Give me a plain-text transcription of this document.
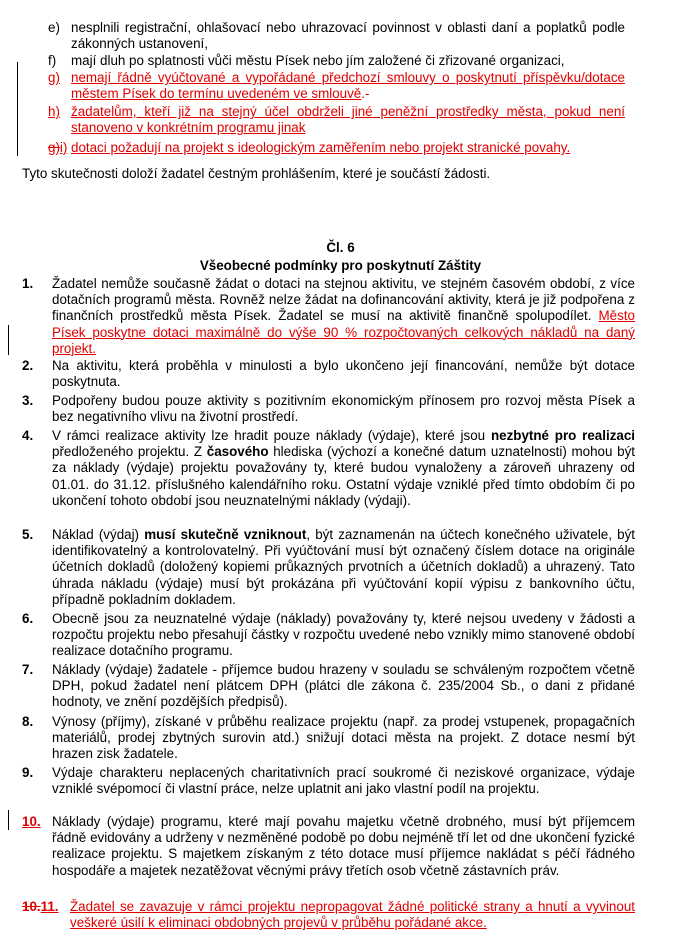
e) nesplnili registrační, ohlašovací nebo uhrazovací povinnost v oblasti daní a poplatků podle zákonných ustanovení,
f)	mají dluh po splatnosti vůči městu Písek nebo jím založené či zřizované organizaci,
g) nemají řádně vyúčtované a vypořádané předchozí smlouvy o poskytnutí příspěvku/dotace městem Písek do termínu uvedeném ve smlouvě.-
h) žadatelům, kteří již na stejný účel obdrželi jiné peněžní prostředky města, pokud není stanoveno v konkrétním programu jinak
g)i) dotaci požadují na projekt s ideologickým zaměřením nebo projekt stranické povahy.
Tyto skutečnosti doloží žadatel čestným prohlášením, které je součástí žádosti.
Čl. 6
Všeobecné podmínky pro poskytnutí Záštity
1.	Žadatel nemůže současně žádat o dotaci na stejnou aktivitu, ve stejném časovém období, z více dotačních programů města. Rovněž nelze žádat na dofinancování aktivity, která je již podpořena z finančních prostředků města Písek. Žadatel se musí na aktivitě finančně spolupodílet. Město Písek poskytne dotaci maximálně do výše 90 % rozpočtovaných celkových nákladů na daný projekt.
2.	Na aktivitu, která proběhla v minulosti a bylo ukončeno její financování, nemůže být dotace poskytnuta.
3.	Podpořeny budou pouze aktivity s pozitivním ekonomickým přínosem pro rozvoj města Písek a bez negativního vlivu na životní prostředí.
4.	V rámci realizace aktivity lze hradit pouze náklady (výdaje), které jsou nezbytné pro realizaci předloženého projektu. Z časového hlediska (výchozí a konečné datum uznatelnosti) mohou být za náklady (výdaje) projektu považovány ty, které budou vynaloženy a zároveň uhrazeny od 01.01. do 31.12. příslušného kalendářního roku. Ostatní výdaje vzniklé před tímto obdobím či po ukončení tohoto období jsou neuznatelnými náklady (výdaji).
5.	Náklad (výdaj) musí skutečně vzniknout, být zaznamenán na účtech konečného uživatele, být identifikovatelný a kontrolovatelný. Při vyúčtování musí být označený číslem dotace na originále účetních dokladů (doložený kopiemi průkazných prvotních a účetních dokladů) a uhrazený. Tato úhrada nákladu (výdaje) musí být prokázána při vyúčtování kopií výpisu z bankovního účtu, případně pokladním dokladem.
6.	Obecně jsou za neuznatelné výdaje (náklady) považovány ty, které nejsou uvedeny v žádosti a rozpočtu projektu nebo přesahují částky v rozpočtu uvedené nebo vznikly mimo stanovené období realizace dotačního programu.
7.	Náklady (výdaje) žadatele - příjemce budou hrazeny v souladu se schváleným rozpočtem včetně DPH, pokud žadatel není plátcem DPH (plátci dle zákona č. 235/2004 Sb., o dani z přidané hodnoty, ve znění pozdějších předpisů).
8.	Výnosy (příjmy), získané v průběhu realizace projektu (např. za prodej vstupenek, propagačních materiálů, prodej zbytných surovin atd.) snižují dotaci města na projekt. Z dotace nesmí být hrazen zisk žadatele.
9.	Výdaje charakteru neplacených charitativních prací soukromé či neziskové organizace, výdaje vzniklé svépomocí či vlastní práce, nelze uplatnit ani jako vlastní podíl na projektu.
10. Náklady (výdaje) programu, které mají povahu majetku včetně drobného, musí být příjemcem řádně evidovány a udrženy v nezměněné podobě po dobu nejméně tří let od dne ukončení fyzické realizace projektu. S majetkem získaným z této dotace musí příjemce nakládat s péčí řádného hospodáře a majetek nezatěžovat věcnými právy třetích osob včetně zástavních práv.
10.11. Žadatel se zavazuje v rámci projektu nepropagovat žádné politické strany a hnutí a vyvinout veškeré úsilí k eliminaci obdobných projevů v průběhu pořádané akce.
